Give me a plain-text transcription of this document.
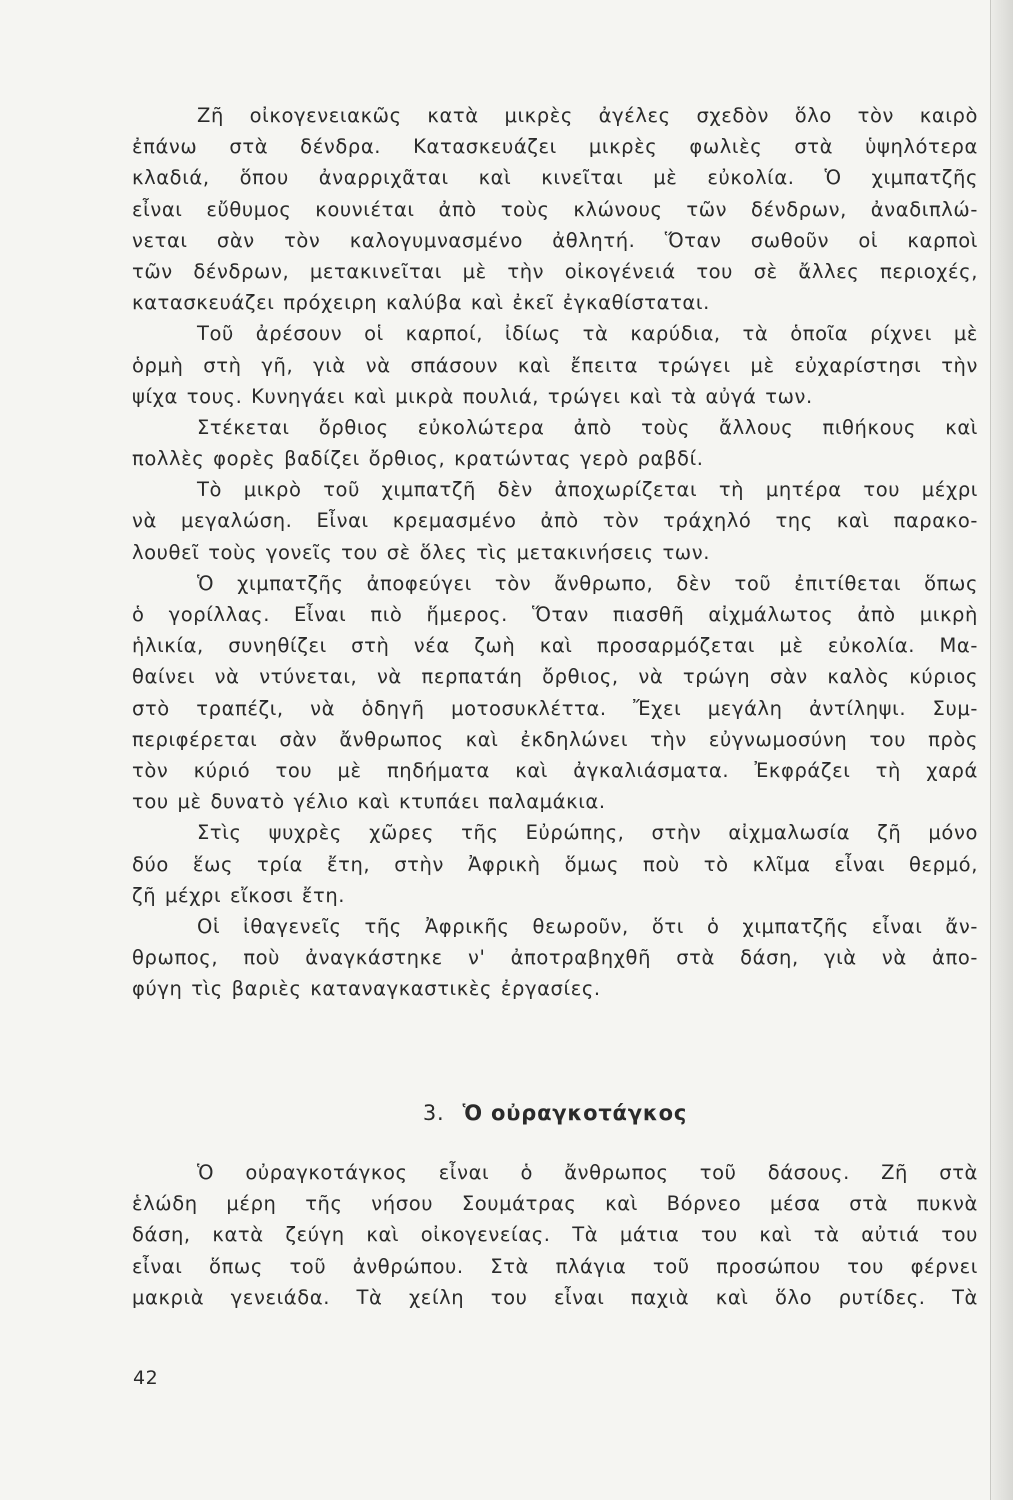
Ζῆ οἰκογενειακῶς κατὰ μικρὲς ἀγέλες σχεδὸν ὅλο τὸν καιρὸ
ἐπάνω στὰ δένδρα. Κατασκευάζει μικρὲς φωλιὲς στὰ ὑψηλότερα
κλαδιά, ὅπου ἀναρριχᾶται καὶ κινεῖται μὲ εὐκολία. Ὁ χιμπατζῆς
εἶναι εὔθυμος κουνιέται ἀπὸ τοὺς κλώνους τῶν δένδρων, ἀναδιπλώ-
νεται σὰν τὸν καλογυμνασμένο ἀθλητή. Ὅταν σωθοῦν οἱ καρποὶ
τῶν δένδρων, μετακινεῖται μὲ τὴν οἰκογένειά του σὲ ἄλλες περιοχές,
κατασκευάζει πρόχειρη καλύβα καὶ ἐκεῖ ἐγκαθίσταται.
Τοῦ ἀρέσουν οἱ καρποί, ἰδίως τὰ καρύδια, τὰ ὁποῖα ρίχνει μὲ
ὁρμὴ στὴ γῆ, γιὰ νὰ σπάσουν καὶ ἔπειτα τρώγει μὲ εὐχαρίστησι τὴν
ψίχα τους. Κυνηγάει καὶ μικρὰ πουλιά, τρώγει καὶ τὰ αὐγά των.
Στέκεται ὄρθιος εὐκολώτερα ἀπὸ τοὺς ἄλλους πιθήκους καὶ
πολλὲς φορὲς βαδίζει ὄρθιος, κρατώντας γερὸ ραβδί.
Τὸ μικρὸ τοῦ χιμπατζῆ δὲν ἀποχωρίζεται τὴ μητέρα του μέχρι
νὰ μεγαλώση. Εἶναι κρεμασμένο ἀπὸ τὸν τράχηλό της καὶ παρακο-
λουθεῖ τοὺς γονεῖς του σὲ ὅλες τὶς μετακινήσεις των.
Ὁ χιμπατζῆς ἀποφεύγει τὸν ἄνθρωπο, δὲν τοῦ ἐπιτίθεται ὅπως
ὁ γορίλλας. Εἶναι πιὸ ἥμερος. Ὅταν πιασθῆ αἰχμάλωτος ἀπὸ μικρὴ
ἡλικία, συνηθίζει στὴ νέα ζωὴ καὶ προσαρμόζεται μὲ εὐκολία. Μα-
θαίνει νὰ ντύνεται, νὰ περπατάη ὄρθιος, νὰ τρώγη σὰν καλὸς κύριος
στὸ τραπέζι, νὰ ὁδηγῆ μοτοσυκλέττα. Ἔχει μεγάλη ἀντίληψι. Συμ-
περιφέρεται σὰν ἄνθρωπος καὶ ἐκδηλώνει τὴν εὐγνωμοσύνη του πρὸς
τὸν κύριό του μὲ πηδήματα καὶ ἀγκαλιάσματα. Ἐκφράζει τὴ χαρά
του μὲ δυνατὸ γέλιο καὶ κτυπάει παλαμάκια.
Στὶς ψυχρὲς χῶρες τῆς Εὐρώπης, στὴν αἰχμαλωσία ζῆ μόνο
δύο ἕως τρία ἔτη, στὴν Ἀφρικὴ ὅμως ποὺ τὸ κλῖμα εἶναι θερμό,
ζῆ μέχρι εἴκοσι ἔτη.
Οἱ ἰθαγενεῖς τῆς Ἀφρικῆς θεωροῦν, ὅτι ὁ χιμπατζῆς εἶναι ἄν-
θρωπος, ποὺ ἀναγκάστηκε ν' ἀποτραβηχθῆ στὰ δάση, γιὰ νὰ ἀπο-
φύγη τὶς βαριὲς καταναγκαστικὲς ἐργασίες.
3. Ὁ οὐραγκοτάγκος
Ὁ οὐραγκοτάγκος εἶναι ὁ ἄνθρωπος τοῦ δάσους. Ζῆ στὰ
ἑλώδη μέρη τῆς νήσου Σουμάτρας καὶ Βόρνεο μέσα στὰ πυκνὰ
δάση, κατὰ ζεύγη καὶ οἰκογενείας. Τὰ μάτια του καὶ τὰ αὐτιά του
εἶναι ὅπως τοῦ ἀνθρώπου. Στὰ πλάγια τοῦ προσώπου του φέρνει
μακριὰ γενειάδα. Τὰ χείλη του εἶναι παχιὰ καὶ ὅλο ρυτίδες. Τὰ
42
